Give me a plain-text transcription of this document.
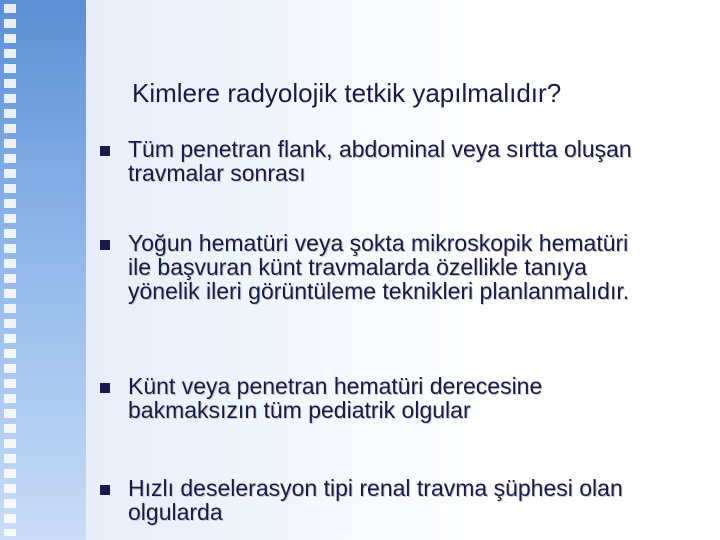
Kimlere radyolojik tetkik yapılmalıdır?
Tüm penetran flank, abdominal veya sırtta oluşan travmalar sonrası
Yoğun hematüri veya şokta mikroskopik hematüri ile başvuran künt travmalarda özellikle tanıya yönelik ileri görüntüleme teknikleri planlanmalıdır.
Künt veya penetran hematüri derecesine bakmaksızın tüm pediatrik olgular
Hızlı deselerasyon tipi renal travma şüphesi olan olgularda
